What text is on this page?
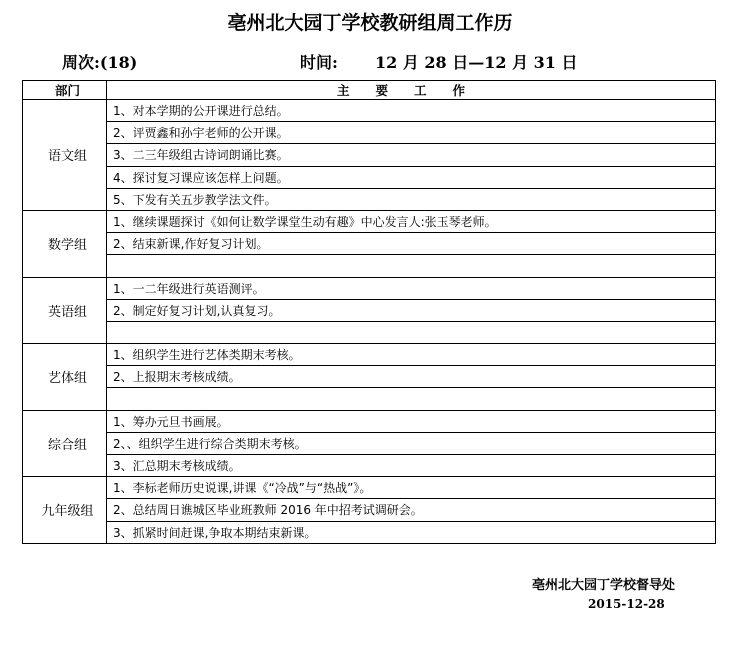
亳州北大园丁学校教研组周工作历
周次:(18)	时间: 12 月 28 日—12 月 31 日
部门	主要工作
语文组	1、对本学期的公开课进行总结。
	2、评贾鑫和孙宇老师的公开课。
	3、二三年级组古诗词朗诵比赛。
	4、探讨复习课应该怎样上问题。
	5、下发有关五步教学法文件。
数学组	1、继续课题探讨《如何让数学课堂生动有趣》中心发言人:张玉琴老师。
	2、结束新课,作好复习计划。

英语组	1、一二年级进行英语测评。
	2、制定好复习计划,认真复习。

艺体组	1、组织学生进行艺体类期末考核。
	2、上报期末考核成绩。

综合组	1、筹办元旦书画展。
	2、、组织学生进行综合类期末考核。
	3、汇总期末考核成绩。
九年级组	1、李标老师历史说课,讲课《“冷战”与“热战”》。
	2、总结周日谯城区毕业班教师 2016 年中招考试调研会。
	3、抓紧时间赶课,争取本期结束新课。
亳州北大园丁学校督导处
2015-12-28
